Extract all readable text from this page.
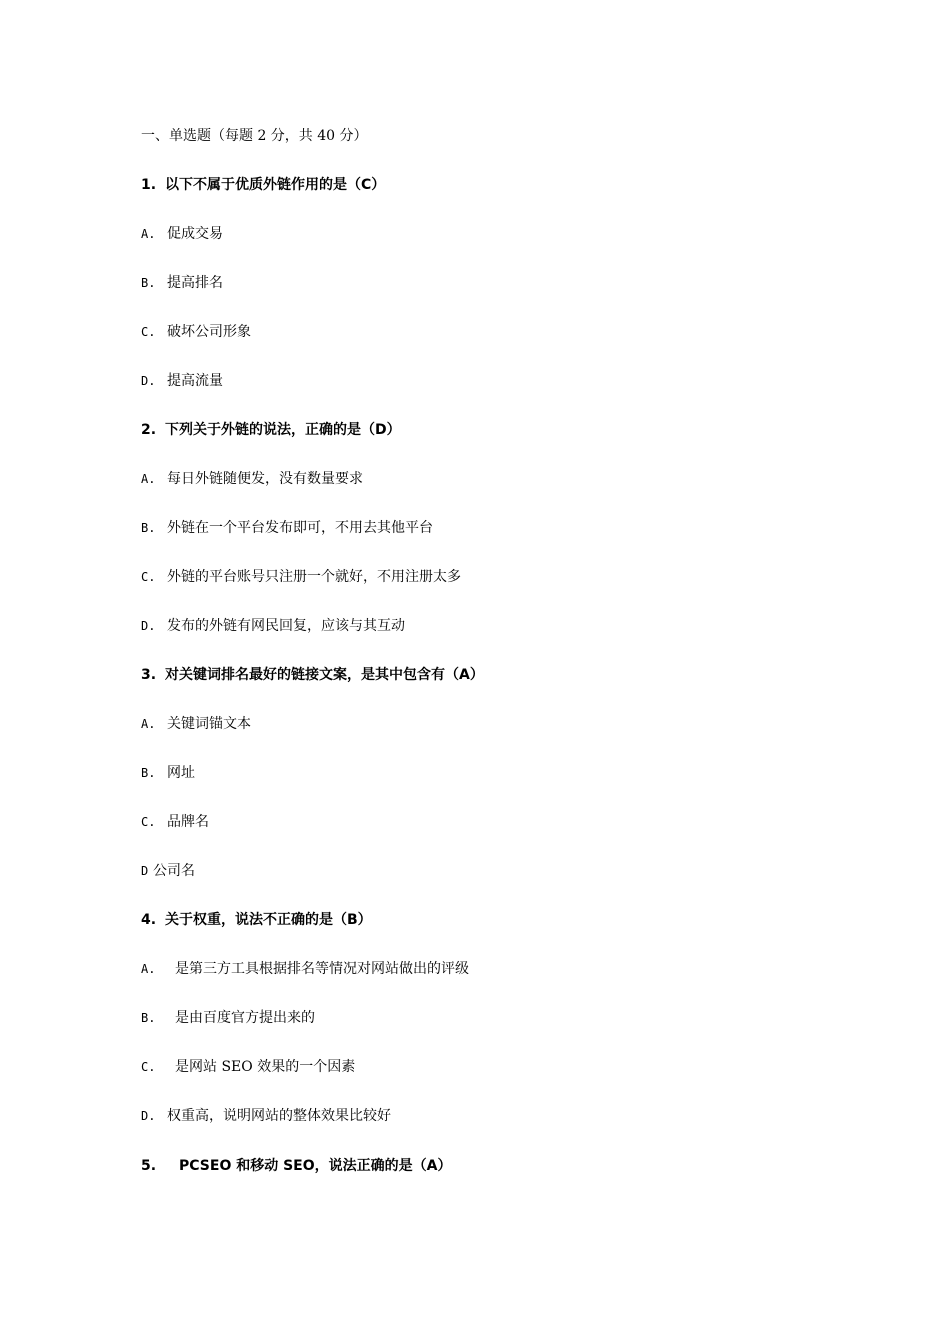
一、单选题（每题 2 分，共 40 分）
1. 以下不属于优质外链作用的是（C）
A. 促成交易
B. 提高排名
C. 破坏公司形象
D. 提高流量
2. 下列关于外链的说法，正确的是（D）
A. 每日外链随便发，没有数量要求
B. 外链在一个平台发布即可，不用去其他平台
C. 外链的平台账号只注册一个就好，不用注册太多
D. 发布的外链有网民回复，应该与其互动
3. 对关键词排名最好的链接文案，是其中包含有（A）
A. 关键词锚文本
B. 网址
C. 品牌名
D 公司名
4. 关于权重，说法不正确的是（B）
A. 是第三方工具根据排名等情况对网站做出的评级
B. 是由百度官方提出来的
C. 是网站 SEO 效果的一个因素
D. 权重高，说明网站的整体效果比较好
5. PCSEO 和移动 SEO，说法正确的是（A）
